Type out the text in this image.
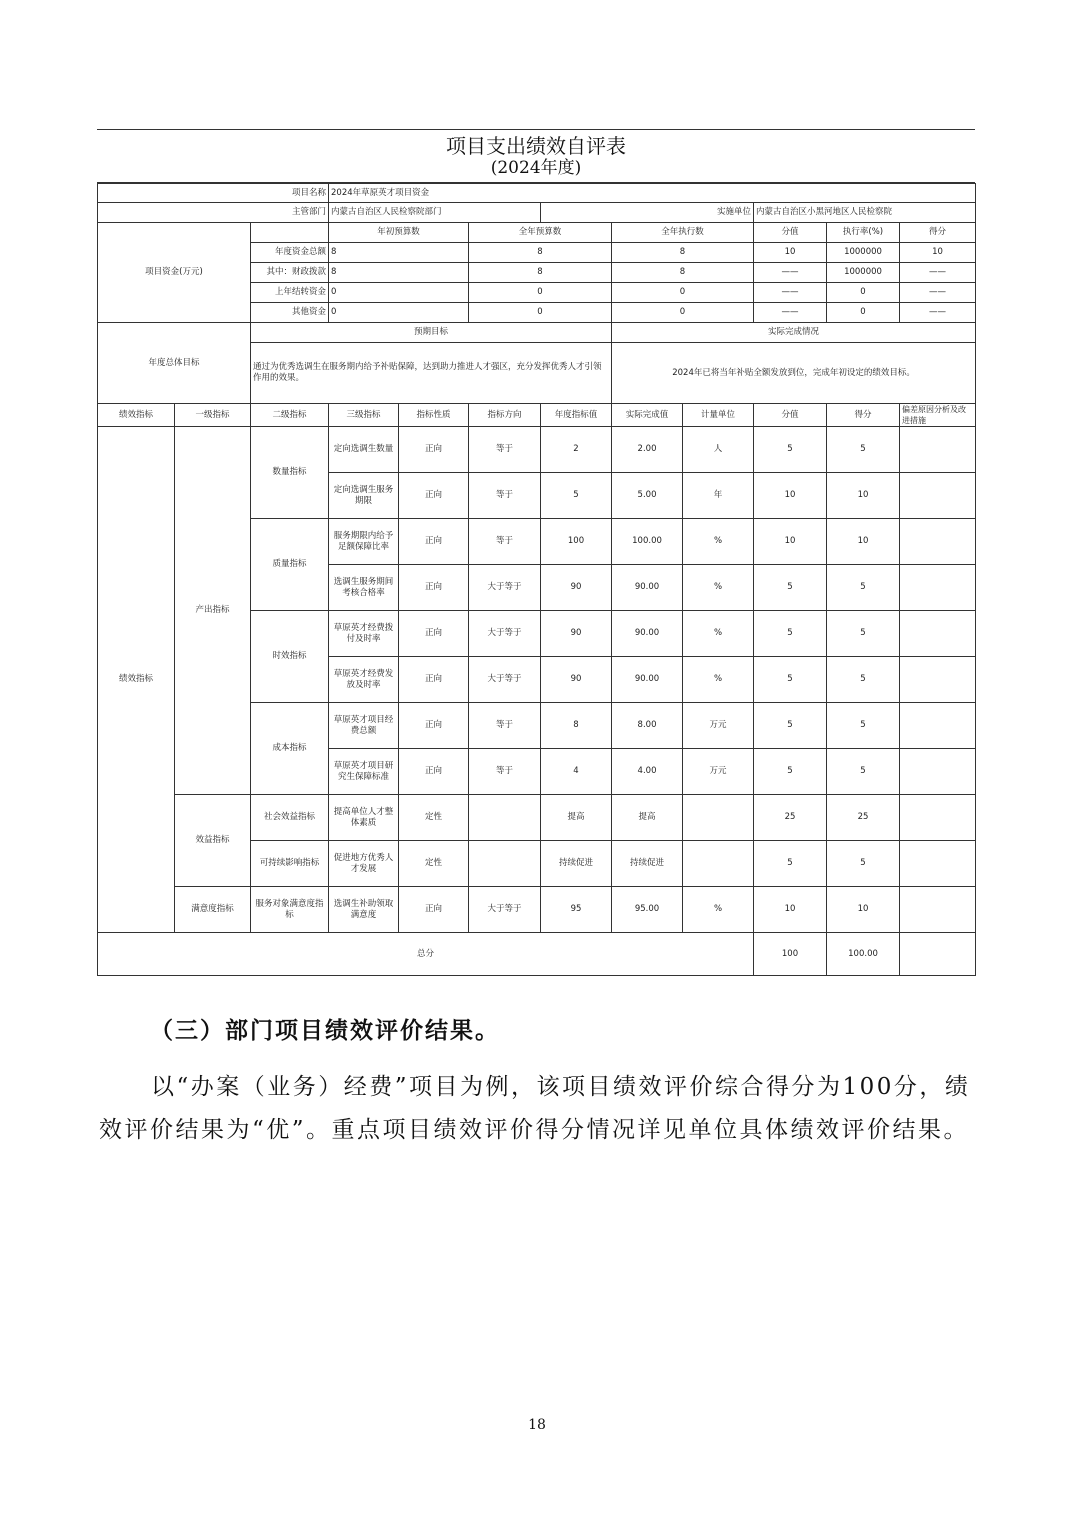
项目支出绩效自评表
(2024年度)
项目名称			2024年草原英才项目资金								
主管部门			内蒙古自治区人民检察院部门			实施单位			内蒙古自治区小黑河地区人民检察院		
项目资金(万元)			年初预算数		全年预算数		全年执行数		分值	执行率(%)	得分
		年度资金总额	8		8		8		10	1000000	10
		其中：财政拨款	8		8		8		——	1000000	——
		上年结转资金	0		0		0		——	0	——
		其他资金	0		0		0		——	0	——
年度总体目标		预期目标					实际完成情况				
		通过为优秀选调生在服务期内给予补贴保障，达到助力推进人才强区，充分发挥优秀人才引领作用的效果。					2024年已将当年补贴全额发放到位，完成年初设定的绩效目标。				
绩效指标	一级指标	二级指标	三级指标	指标性质	指标方向	年度指标值	实际完成值	计量单位	分值	得分	偏差原因分析及改进措施
绩效指标	产出指标	数量指标	定向选调生数量	正向	等于	2	2.00	人	5	5	
			定向选调生服务期限	正向	等于	5	5.00	年	10	10	
		质量指标	服务期限内给予足额保障比率	正向	等于	100	100.00	%	10	10	
			选调生服务期间考核合格率	正向	大于等于	90	90.00	%	5	5	
		时效指标	草原英才经费拨付及时率	正向	大于等于	90	90.00	%	5	5	
			草原英才经费发放及时率	正向	大于等于	90	90.00	%	5	5	
		成本指标	草原英才项目经费总额	正向	等于	8	8.00	万元	5	5	
			草原英才项目研究生保障标准	正向	等于	4	4.00	万元	5	5	
	效益指标	社会效益指标	提高单位人才整体素质	定性		提高	提高		25	25	
		可持续影响指标	促进地方优秀人才发展	定性		持续促进	持续促进		5	5	
	满意度指标	服务对象满意度指标	选调生补助领取满意度	正向	大于等于	95	95.00	%	10	10	
总分									100	100.00	
（三）部门项目绩效评价结果。
以“办案（业务）经费”项目为例，该项目绩效评价综合得分为100分，绩效评价结果为“优”。重点项目绩效评价得分情况详见单位具体绩效评价结果。
18
